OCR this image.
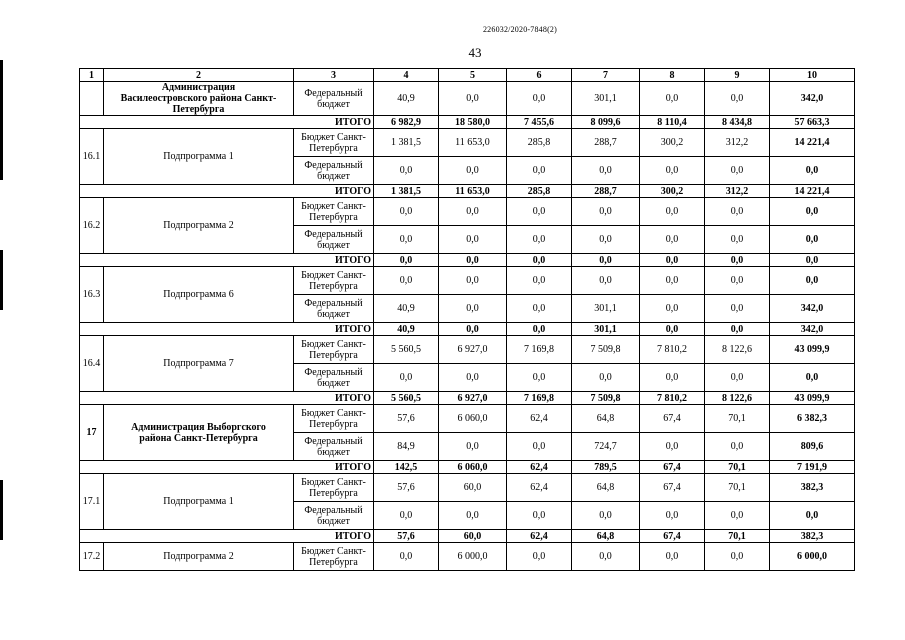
226032/2020-7848(2)
43
1	2	3	4	5	6	7	8	9	10
	Администрация Василеостровского района Санкт-Петербурга	Федеральный бюджет	40,9	0,0	0,0	301,1	0,0	0,0	342,0
ИТОГО			6 982,9	18 580,0	7 455,6	8 099,6	8 110,4	8 434,8	57 663,3
16.1	Подпрограмма 1	Бюджет Санкт-Петербурга	1 381,5	11 653,0	285,8	288,7	300,2	312,2	14 221,4
		Федеральный бюджет	0,0	0,0	0,0	0,0	0,0	0,0	0,0
ИТОГО			1 381,5	11 653,0	285,8	288,7	300,2	312,2	14 221,4
16.2	Подпрограмма 2	Бюджет Санкт-Петербурга	0,0	0,0	0,0	0,0	0,0	0,0	0,0
		Федеральный бюджет	0,0	0,0	0,0	0,0	0,0	0,0	0,0
ИТОГО			0,0	0,0	0,0	0,0	0,0	0,0	0,0
16.3	Подпрограмма 6	Бюджет Санкт-Петербурга	0,0	0,0	0,0	0,0	0,0	0,0	0,0
		Федеральный бюджет	40,9	0,0	0,0	301,1	0,0	0,0	342,0
ИТОГО			40,9	0,0	0,0	301,1	0,0	0,0	342,0
16.4	Подпрограмма 7	Бюджет Санкт-Петербурга	5 560,5	6 927,0	7 169,8	7 509,8	7 810,2	8 122,6	43 099,9
		Федеральный бюджет	0,0	0,0	0,0	0,0	0,0	0,0	0,0
ИТОГО			5 560,5	6 927,0	7 169,8	7 509,8	7 810,2	8 122,6	43 099,9
17	Администрация Выборгского района Санкт-Петербурга	Бюджет Санкт-Петербурга	57,6	6 060,0	62,4	64,8	67,4	70,1	6 382,3
		Федеральный бюджет	84,9	0,0	0,0	724,7	0,0	0,0	809,6
ИТОГО			142,5	6 060,0	62,4	789,5	67,4	70,1	7 191,9
17.1	Подпрограмма 1	Бюджет Санкт-Петербурга	57,6	60,0	62,4	64,8	67,4	70,1	382,3
		Федеральный бюджет	0,0	0,0	0,0	0,0	0,0	0,0	0,0
ИТОГО			57,6	60,0	62,4	64,8	67,4	70,1	382,3
17.2	Подпрограмма 2	Бюджет Санкт-Петербурга	0,0	6 000,0	0,0	0,0	0,0	0,0	6 000,0
